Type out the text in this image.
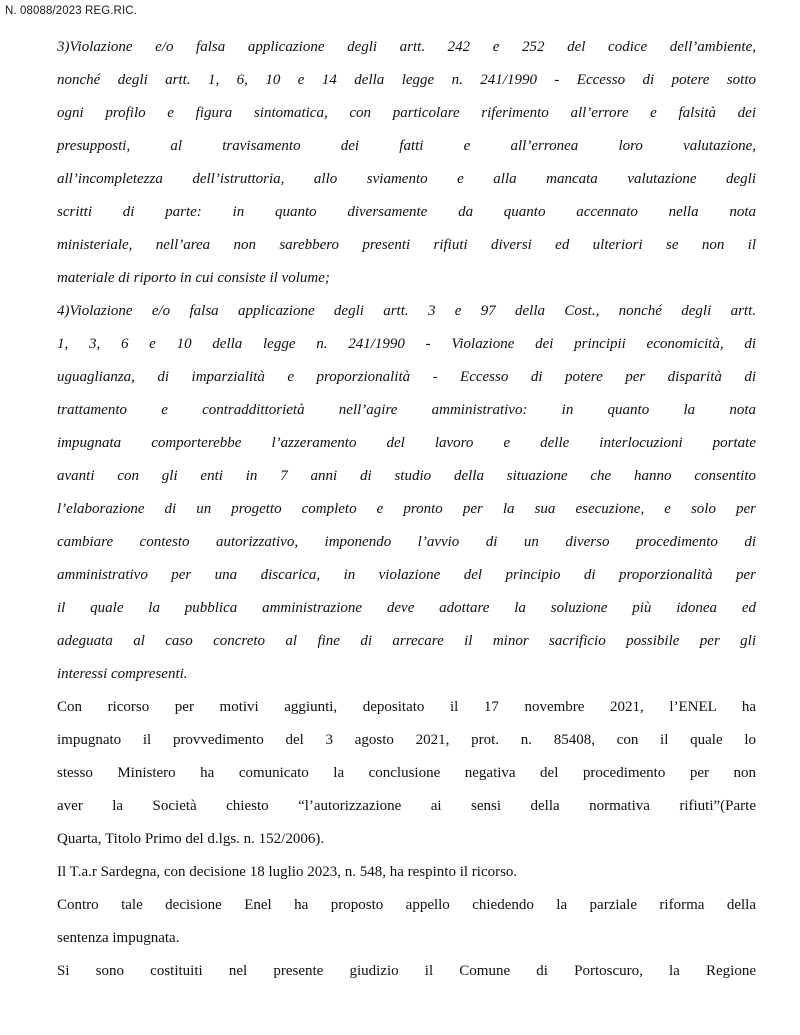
N. 08088/2023 REG.RIC.
3)Violazione e/o falsa applicazione degli artt. 242 e 252 del codice dell’ambiente,
nonché degli artt. 1, 6, 10 e 14 della legge n. 241/1990 - Eccesso di potere sotto
ogni profilo e figura sintomatica, con particolare riferimento all’errore e falsità dei
presupposti, al travisamento dei fatti e all’erronea loro valutazione,
all’incompletezza dell’istruttoria, allo sviamento e alla mancata valutazione degli
scritti di parte: in quanto diversamente da quanto accennato nella nota
ministeriale, nell’area non sarebbero presenti rifiuti diversi ed ulteriori se non il
materiale di riporto in cui consiste il volume;
4)Violazione e/o falsa applicazione degli artt. 3 e 97 della Cost., nonché degli artt.
1, 3, 6 e 10 della legge n. 241/1990 - Violazione dei principii economicità, di
uguaglianza, di imparzialità e proporzionalità - Eccesso di potere per disparità di
trattamento e contraddittorietà nell’agire amministrativo: in quanto la nota
impugnata comporterebbe l’azzeramento del lavoro e delle interlocuzioni portate
avanti con gli enti in 7 anni di studio della situazione che hanno consentito
l’elaborazione di un progetto completo e pronto per la sua esecuzione, e solo per
cambiare contesto autorizzativo, imponendo l’avvio di un diverso procedimento di
amministrativo per una discarica, in violazione del principio di proporzionalità per
il quale la pubblica amministrazione deve adottare la soluzione più idonea ed
adeguata al caso concreto al fine di arrecare il minor sacrificio possibile per gli
interessi compresenti.
Con ricorso per motivi aggiunti, depositato il 17 novembre 2021, l’ENEL ha
impugnato il provvedimento del 3 agosto 2021, prot. n. 85408, con il quale lo
stesso Ministero ha comunicato la conclusione negativa del procedimento per non
aver la Società chiesto “l’autorizzazione ai sensi della normativa rifiuti”(Parte
Quarta, Titolo Primo del d.lgs. n. 152/2006).
Il T.a.r Sardegna, con decisione 18 luglio 2023, n. 548, ha respinto il ricorso.
Contro tale decisione Enel ha proposto appello chiedendo la parziale riforma della
sentenza impugnata.
Si sono costituiti nel presente giudizio il Comune di Portoscuro, la Regione
